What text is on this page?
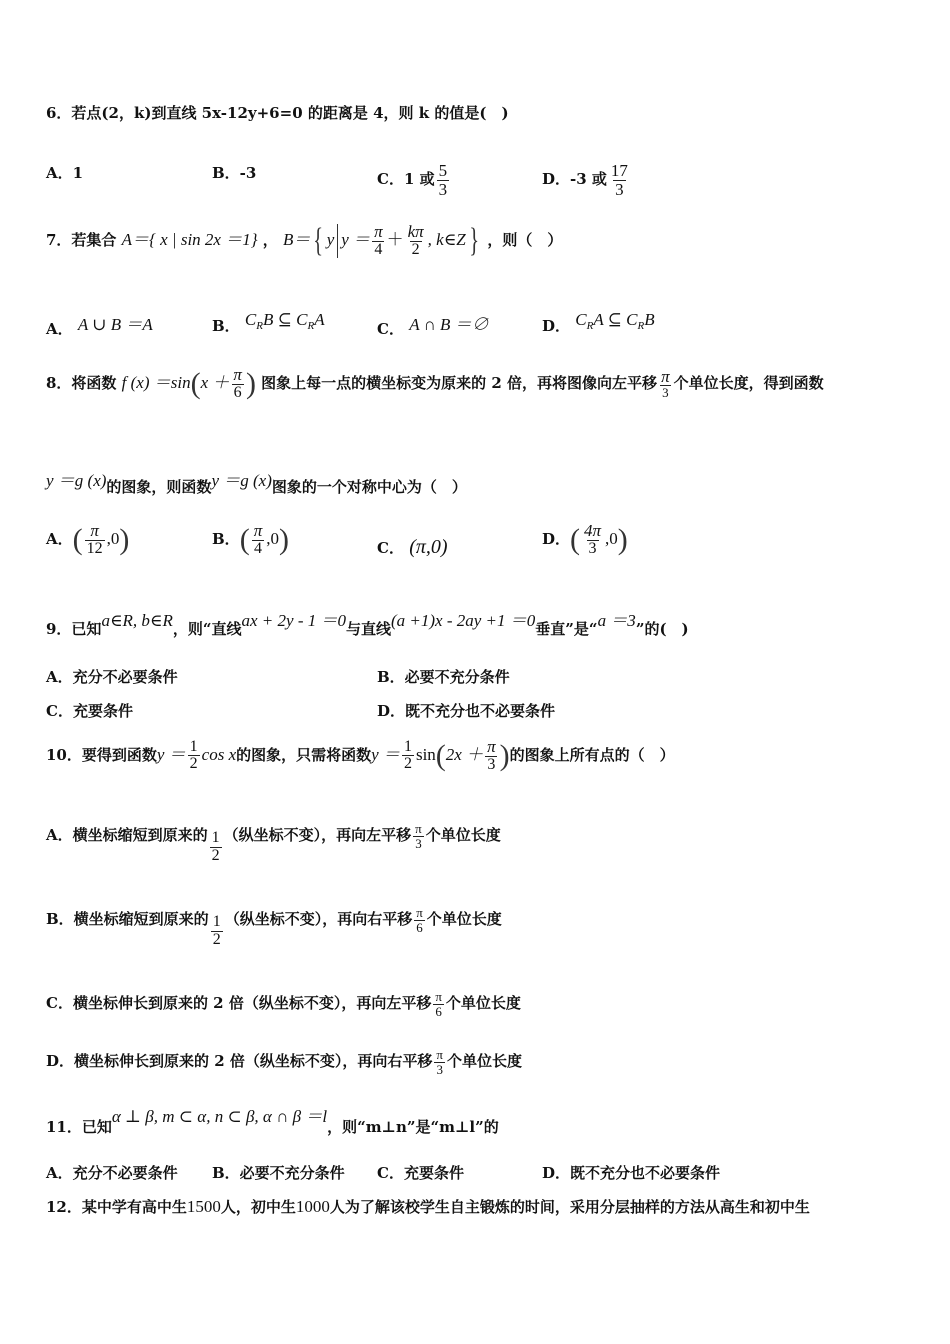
6．若点(2，k)到直线 5x-12y+6=0 的距离是 4，则 k 的值是(　)
A．1	B．-3	C．1 或 $\frac{5}{3}$	D．-3 或 $\frac{17}{3}$
7．若集合 A＝{ x | sin 2x ＝1} ， B＝{ y $y = \frac{\pi}{4} + \frac{k\pi}{2}$ , k∈Z} ，则（　）
A． A ∪ B ＝A	B． $C_RB$ ⊆ $C_RA$	C． A ∩ B ＝∅	D． $C_RA$ ⊆ $C_RB$
8．将函数 f $(x) =\sin(x + \frac{\pi}{6}$ ) 图象上每一点的横坐标变为原来的 2 倍，再将图像向左平移 $\frac{\pi}{3}$ 个单位长度，得到函数
y ＝g (x)的图象，则函数y ＝g (x)图象的一个对称中心为（　）
A．( $\frac{\pi}{12} ,0$)	B．( $\frac{\pi}{4} ,0$)	C． (π,0)	D．( $\frac{4\pi}{3} ,0$)
9．已知a∈R, b∈R，则“直线ax + 2y - 1 ＝0与直线(a +1)x - 2ay +1 ＝0垂直”是“a ＝3”的(　)
A．充分不必要条件	B．必要不充分条件
C．充要条件	D．既不充分也不必要条件
10．要得到函数$y = \frac{1}{2}$ cos x的图象，只需将函数$y = \frac{1}{2} \sin(2x + \frac{\pi}{3}$ )的图象上所有点的（　）
A．横坐标缩短到原来的 $\frac{1}{2}$ （纵坐标不变），再向左平移 $\frac{\pi}{3}$ 个单位长度
B．横坐标缩短到原来的 $\frac{1}{2}$ （纵坐标不变），再向右平移 $\frac{\pi}{6}$ 个单位长度
C．横坐标伸长到原来的 2 倍（纵坐标不变），再向左平移 $\frac{\pi}{6}$ 个单位长度
D．横坐标伸长到原来的 2 倍（纵坐标不变），再向右平移 $\frac{\pi}{3}$ 个单位长度
11．已知α ⊥ β, m ⊂ α, n ⊂ β, α ∩ β ＝l，则“m⊥n”是“m⊥l”的
A．充分不必要条件 B．必要不充分条件 C．充要条件	D．既不充分也不必要条件
12．某中学有高中生1500人，初中生1000人为了解该校学生自主锻炼的时间，采用分层抽样的方法从高生和初中生
